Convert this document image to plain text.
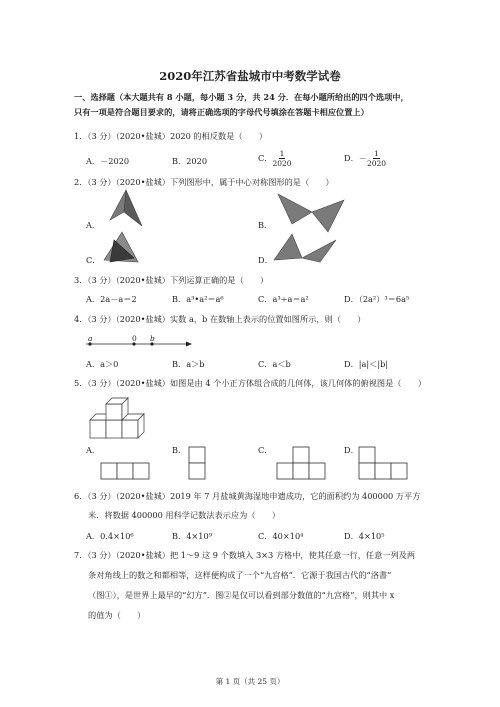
2020年江苏省盐城市中考数学试卷
一、选择题（本大题共有 8 小题，每小题 3 分，共 24 分．在每小题所给出的四个选项中，
只有一项是符合题目要求的，请将正确选项的字母代号填涂在答题卡相应位置上）
1．（3 分）（2020•盐城）2020 的相反数是（　　）
A．－2020	B．2020	C． $\frac{1}{2020}$	D．－ $\frac{1}{2020}$
2．（3 分）（2020•盐城）下列图形中，属于中心对称图形的是（　　）
A．	B．
C．	D．
3．（3 分）（2020•盐城）下列运算正确的是（　　）
A．2a－a＝2	B．a³•a²＝a⁶	C．a³÷a＝a²	D．（2a²）³＝6a⁵
4．（3 分）（2020•盐城）实数 a，b 在数轴上表示的位置如图所示，则（　　）
a	0 b
A．a＞0	B．a＞b	C．a＜b	D．|a|＜|b|
5．（3 分）（2020•盐城）如图是由 4 个小正方体组合成的几何体，该几何体的俯视图是（　　）
A．	B．	C．	D．
6．（3 分）（2020•盐城）2019 年 7 月盐城黄海湿地申遗成功，它的面积约为 400000 万平方
米．将数据 400000 用科学记数法表示应为（　　）
A．0.4×10⁶	B．4×10⁹	C．40×10⁴	D．4×10⁵
7．（3 分）（2020•盐城）把 1～9 这 9 个数填入 3×3 方格中，使其任意一行，任意一列及两
条对角线上的数之和都相等，这样便构成了一个“九宫格”．它源于我国古代的“洛書”
（图①），是世界上最早的“幻方”．图②是仅可以看到部分数值的“九宫格”，则其中 x
的值为（　　）
第 1 页（共 25 页）
